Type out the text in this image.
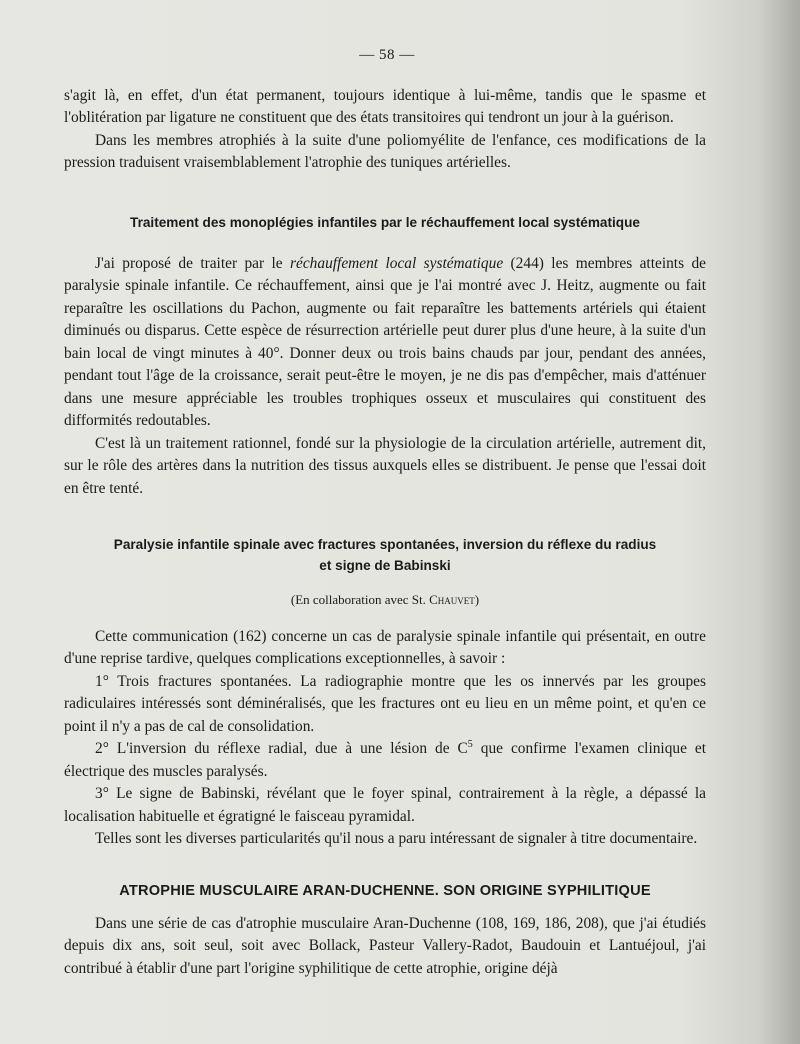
— 58 —

s'agit là, en effet, d'un état permanent, toujours identique à lui-même, tandis que le spasme et l'oblitération par ligature ne constituent que des états transitoires qui tendront un jour à la guérison.

Dans les membres atrophiés à la suite d'une poliomyélite de l'enfance, ces modifications de la pression traduisent vraisemblablement l'atrophie des tuniques artérielles.

Traitement des monoplégies infantiles par le réchauffement local systématique

J'ai proposé de traiter par le réchauffement local systématique (244) les membres atteints de paralysie spinale infantile. Ce réchauffement, ainsi que je l'ai montré avec J. Heitz, augmente ou fait reparaître les oscillations du Pachon, augmente ou fait reparaître les battements artériels qui étaient diminués ou disparus. Cette espèce de résurrection artérielle peut durer plus d'une heure, à la suite d'un bain local de vingt minutes à 40°. Donner deux ou trois bains chauds par jour, pendant des années, pendant tout l'âge de la croissance, serait peut-être le moyen, je ne dis pas d'empêcher, mais d'atténuer dans une mesure appréciable les troubles trophiques osseux et musculaires qui constituent des difformités redoutables.

C'est là un traitement rationnel, fondé sur la physiologie de la circulation artérielle, autrement dit, sur le rôle des artères dans la nutrition des tissus auxquels elles se distribuent. Je pense que l'essai doit en être tenté.

Paralysie infantile spinale avec fractures spontanées, inversion du réflexe du radius
et signe de Babinski
(En collaboration avec St. Chauvet)

Cette communication (162) concerne un cas de paralysie spinale infantile qui présentait, en outre d'une reprise tardive, quelques complications exceptionnelles, à savoir :

1° Trois fractures spontanées. La radiographie montre que les os innervés par les groupes radiculaires intéressés sont déminéralisés, que les fractures ont eu lieu en un même point, et qu'en ce point il n'y a pas de cal de consolidation.

2° L'inversion du réflexe radial, due à une lésion de $C^5$ que confirme l'examen clinique et électrique des muscles paralysés.

3° Le signe de Babinski, révélant que le foyer spinal, contrairement à la règle, a dépassé la localisation habituelle et égratigné le faisceau pyramidal.

Telles sont les diverses particularités qu'il nous a paru intéressant de signaler à titre documentaire.

ATROPHIE MUSCULAIRE ARAN-DUCHENNE. SON ORIGINE SYPHILITIQUE

Dans une série de cas d'atrophie musculaire Aran-Duchenne (108, 169, 186, 208), que j'ai étudiés depuis dix ans, soit seul, soit avec Bollack, Pasteur Vallery-Radot, Baudouin et Lantuéjoul, j'ai contribué à établir d'une part l'origine syphilitique de cette atrophie, origine déjà
